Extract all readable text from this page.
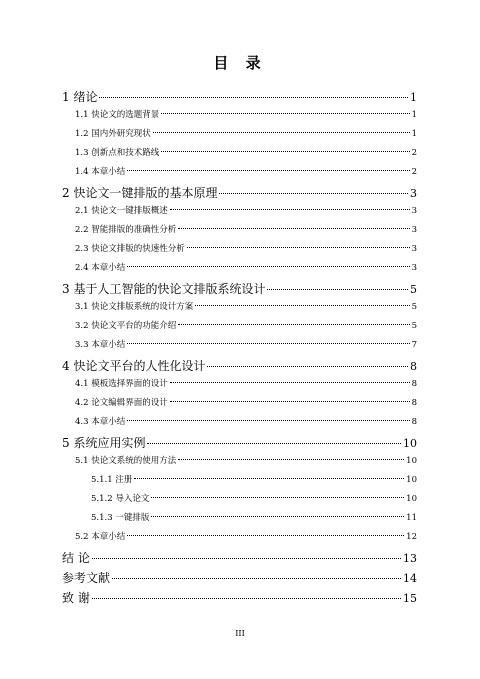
目 录
1 绪论	1
1.1 快论文的选题背景	1
1.2 国内外研究现状	1
1.3 创新点和技术路线	2
1.4 本章小结	2
2 快论文一键排版的基本原理	3
2.1 快论文一键排版概述	3
2.2 智能排版的准确性分析	3
2.3 快论文排版的快速性分析	3
2.4 本章小结	3
3 基于人工智能的快论文排版系统设计	5
3.1 快论文排版系统的设计方案	5
3.2 快论文平台的功能介绍	5
3.3 本章小结	7
4 快论文平台的人性化设计	8
4.1 模板选择界面的设计	8
4.2 论文编辑界面的设计	8
4.3 本章小结	8
5 系统应用实例	10
5.1 快论文系统的使用方法	10
5.1.1 注册	10
5.1.2 导入论文	10
5.1.3 一键排版	11
5.2 本章小结	12
结 论	13
参考文献	14
致 谢	15
III
